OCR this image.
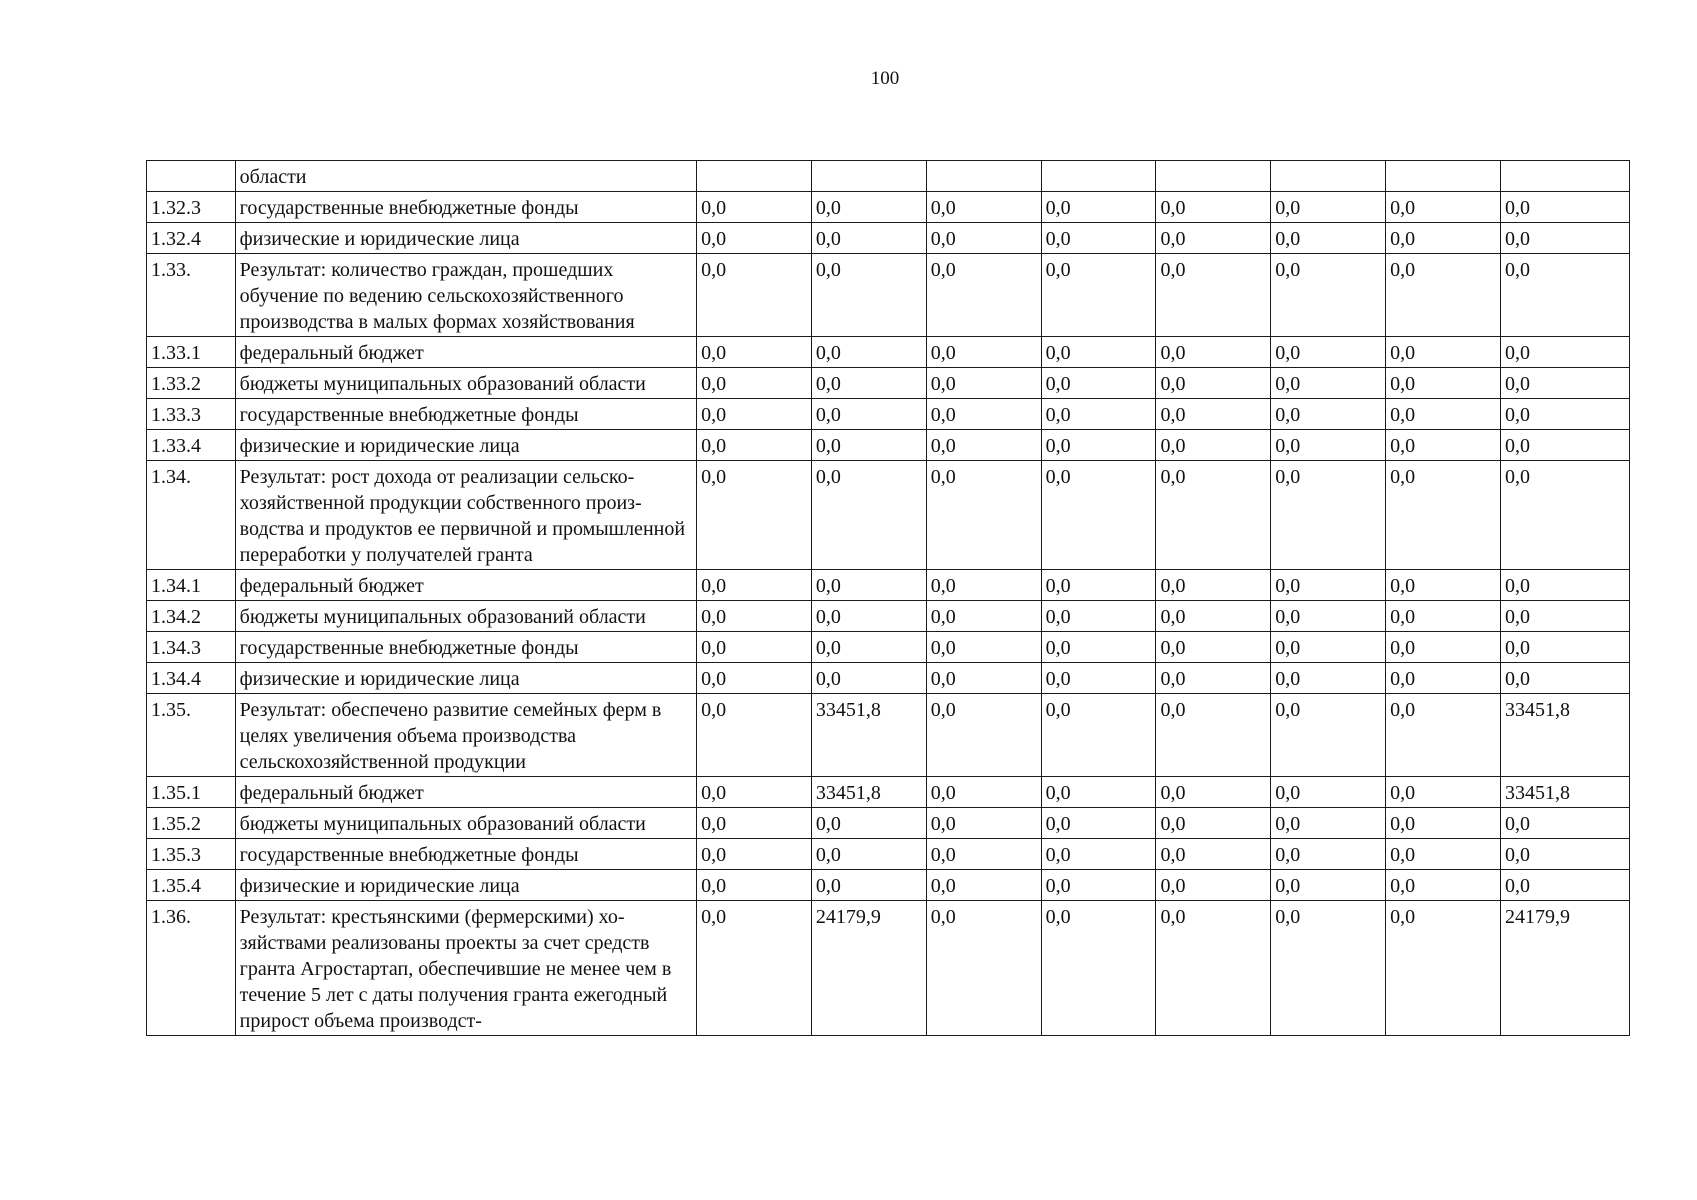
100
	области								
1.32.3	государственные внебюджетные фонды	0,0	0,0	0,0	0,0	0,0	0,0	0,0	0,0
1.32.4	физические и юридические лица	0,0	0,0	0,0	0,0	0,0	0,0	0,0	0,0
1.33.	Результат: количество граждан, прошедших обучение по ведению сельскохозяйственного производства в малых формах хозяйствования	0,0	0,0	0,0	0,0	0,0	0,0	0,0	0,0
1.33.1	федеральный бюджет	0,0	0,0	0,0	0,0	0,0	0,0	0,0	0,0
1.33.2	бюджеты муниципальных образований области	0,0	0,0	0,0	0,0	0,0	0,0	0,0	0,0
1.33.3	государственные внебюджетные фонды	0,0	0,0	0,0	0,0	0,0	0,0	0,0	0,0
1.33.4	физические и юридические лица	0,0	0,0	0,0	0,0	0,0	0,0	0,0	0,0
1.34.	Результат: рост дохода от реализации сельскохозяйственной продукции собственного производства и продуктов ее первичной и промышленной переработки у получателей гранта	0,0	0,0	0,0	0,0	0,0	0,0	0,0	0,0
1.34.1	федеральный бюджет	0,0	0,0	0,0	0,0	0,0	0,0	0,0	0,0
1.34.2	бюджеты муниципальных образований области	0,0	0,0	0,0	0,0	0,0	0,0	0,0	0,0
1.34.3	государственные внебюджетные фонды	0,0	0,0	0,0	0,0	0,0	0,0	0,0	0,0
1.34.4	физические и юридические лица	0,0	0,0	0,0	0,0	0,0	0,0	0,0	0,0
1.35.	Результат: обеспечено развитие семейных ферм в целях увеличения объема производства сельскохозяйственной продукции	0,0	33451,8	0,0	0,0	0,0	0,0	0,0	33451,8
1.35.1	федеральный бюджет	0,0	33451,8	0,0	0,0	0,0	0,0	0,0	33451,8
1.35.2	бюджеты муниципальных образований области	0,0	0,0	0,0	0,0	0,0	0,0	0,0	0,0
1.35.3	государственные внебюджетные фонды	0,0	0,0	0,0	0,0	0,0	0,0	0,0	0,0
1.35.4	физические и юридические лица	0,0	0,0	0,0	0,0	0,0	0,0	0,0	0,0
1.36.	Результат: крестьянскими (фермерскими) хозяйствами реализованы проекты за счет средств гранта Агростартап, обеспечившие не менее чем в течение 5 лет с даты получения гранта ежегодный прирост объема производст-	0,0	24179,9	0,0	0,0	0,0	0,0	0,0	24179,9
